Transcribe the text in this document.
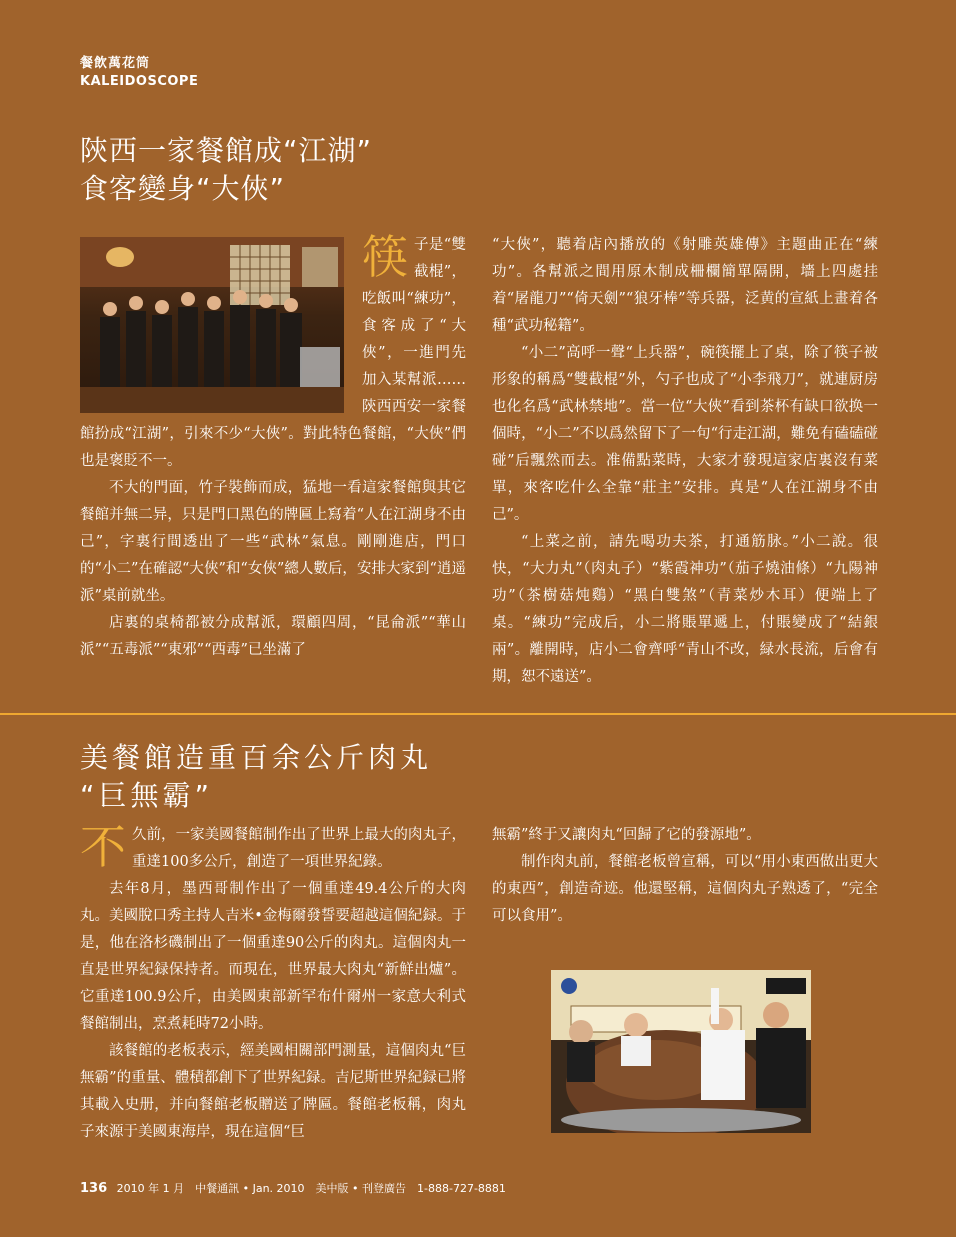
餐飲萬花筒
KALEIDOSCOPE
陝西一家餐館成“江湖”
食客變身“大俠”

筷 子是“雙截棍”，吃飯叫“練功”，食客成了“大俠”，一進門先加入某幫派……陝西西安一家餐館扮成“江湖”，引來不少“大俠”。對此特色餐館，“大俠”們也是褒貶不一。

不大的門面，竹子裝飾而成，猛地一看這家餐館與其它餐館并無二异，只是門口黑色的牌匾上寫着“人在江湖身不由己”，字裏行間透出了一些“武林”氣息。剛剛進店，門口的“小二”在確認“大俠”和“女俠”總人數后，安排大家到“逍遥派”桌前就坐。

店裏的桌椅都被分成幫派，環顧四周，“昆侖派”“華山派”“五毒派”“東邪”“西毒”已坐滿了

“大俠”，聽着店內播放的《射雕英雄傳》主題曲正在“練功”。各幫派之間用原木制成柵欄簡單隔開，墻上四處挂着“屠龍刀”“倚天劍”“狼牙棒”等兵器，泛黄的宣紙上畫着各種“武功秘籍”。

“小二”高呼一聲“上兵器”，碗筷擺上了桌，除了筷子被形象的稱爲“雙截棍”外，勺子也成了“小李飛刀”，就連厨房也化名爲“武林禁地”。當一位“大俠”看到茶杯有缺口欲换一個時，“小二”不以爲然留下了一句“行走江湖，難免有磕磕碰碰”后飄然而去。准備點菜時，大家才發現這家店裏沒有菜單，來客吃什么全靠“莊主”安排。真是“人在江湖身不由己”。

“上菜之前，請先喝功夫茶，打通筋脉。”小二說。很快，“大力丸”（肉丸子）“紫霞神功”（茄子燒油條）“九陽神功”（茶樹菇炖鷄）“黑白雙煞”（青菜炒木耳）便端上了桌。“練功”完成后，小二將賬單遞上，付賬變成了“結銀兩”。離開時，店小二會齊呼“青山不改，緑水長流，后會有期，恕不遠送”。

美餐館造重百余公斤肉丸
“巨無霸”

不 久前，一家美國餐館制作出了世界上最大的肉丸子，重達100多公斤，創造了一項世界紀錄。

去年8月，墨西哥制作出了一個重達49.4公斤的大肉丸。美國脫口秀主持人吉米•金梅爾發誓要超越這個紀録。于是，他在洛杉磯制出了一個重達90公斤的肉丸。這個肉丸一直是世界紀録保持者。而現在，世界最大肉丸“新鮮出爐”。它重達100.9公斤，由美國東部新罕布什爾州一家意大利式餐館制出，烹煮耗時72小時。

該餐館的老板表示，經美國相關部門測量，這個肉丸“巨無霸”的重量、體積都創下了世界紀録。吉尼斯世界紀録已將其載入史册，并向餐館老板贈送了牌匾。餐館老板稱，肉丸子來源于美國東海岸，現在這個“巨

無霸”終于又讓肉丸“回歸了它的發源地”。

制作肉丸前，餐館老板曾宣稱，可以“用小東西做出更大的東西”，創造奇迹。他還堅稱，這個肉丸子熟透了，“完全可以食用”。

136 2010 年 1 月　中餐通訊 • Jan. 2010　美中版 • 刊登廣告　1-888-727-8881
